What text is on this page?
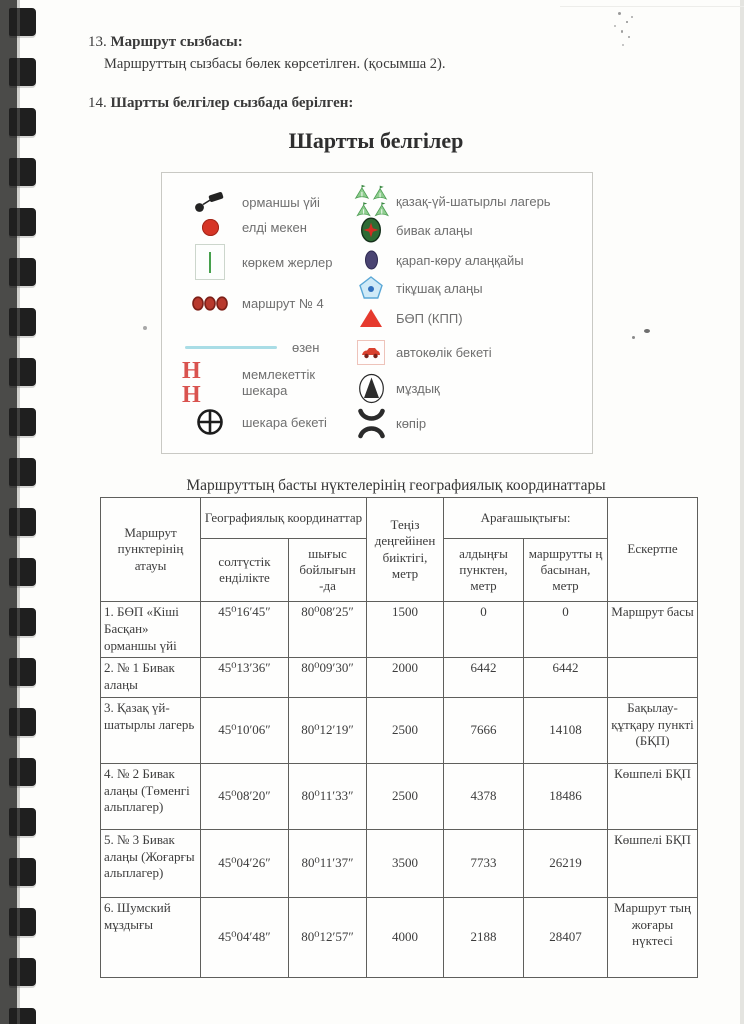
13. Маршрут сызбасы:
Маршруттың сызбасы бөлек көрсетілген. (қосымша 2).
14. Шартты белгілер сызбада берілген:
Шартты белгілер
орманшы үйі
елді мекен
көркем жерлер
маршрут № 4
өзен
Н Н
мемлекеттік шекара
шекара бекеті
қазақ-үй-шатырлы лагерь
бивак алаңы
қарап-көру алаңқайы
тікұшақ алаңы
БӨП (КПП)
автокөлік бекеті
мұздық
көпір
Маршруттың басты нүктелерінің географиялық координаттары
Маршрут пунктерінің атауы	Географиялық координаттар		Теңіз деңгейінен биіктігі, метр	Арағашықтығы:		Ескертпе
	солтүстік енділікте	шығыс бойлығын -да		алдыңғы пунктен, метр	маршрутты ң басынан, метр	
1. БӨП «Кіші Басқан» орманшы үйі	45⁰16′45″	80⁰08′25″	1500	0	0	Маршрут басы
2. № 1 Бивак алаңы	45⁰13′36″	80⁰09′30″	2000	6442	6442	
3. Қазақ үй-шатырлы лагерь	45⁰10′06″	80⁰12′19″	2500	7666	14108	Бақылау-құтқару пункті (БҚП)
4. № 2 Бивак алаңы (Төменгі альплагер)	45⁰08′20″	80⁰11′33″	2500	4378	18486	Көшпелі БҚП
5. № 3 Бивак алаңы (Жоғарғы альплагер)	45⁰04′26″	80⁰11′37″	3500	7733	26219	Көшпелі БҚП
6. Шумский мұздығы	45⁰04′48″	80⁰12′57″	4000	2188	28407	Маршрут тың жоғары нүктесі
